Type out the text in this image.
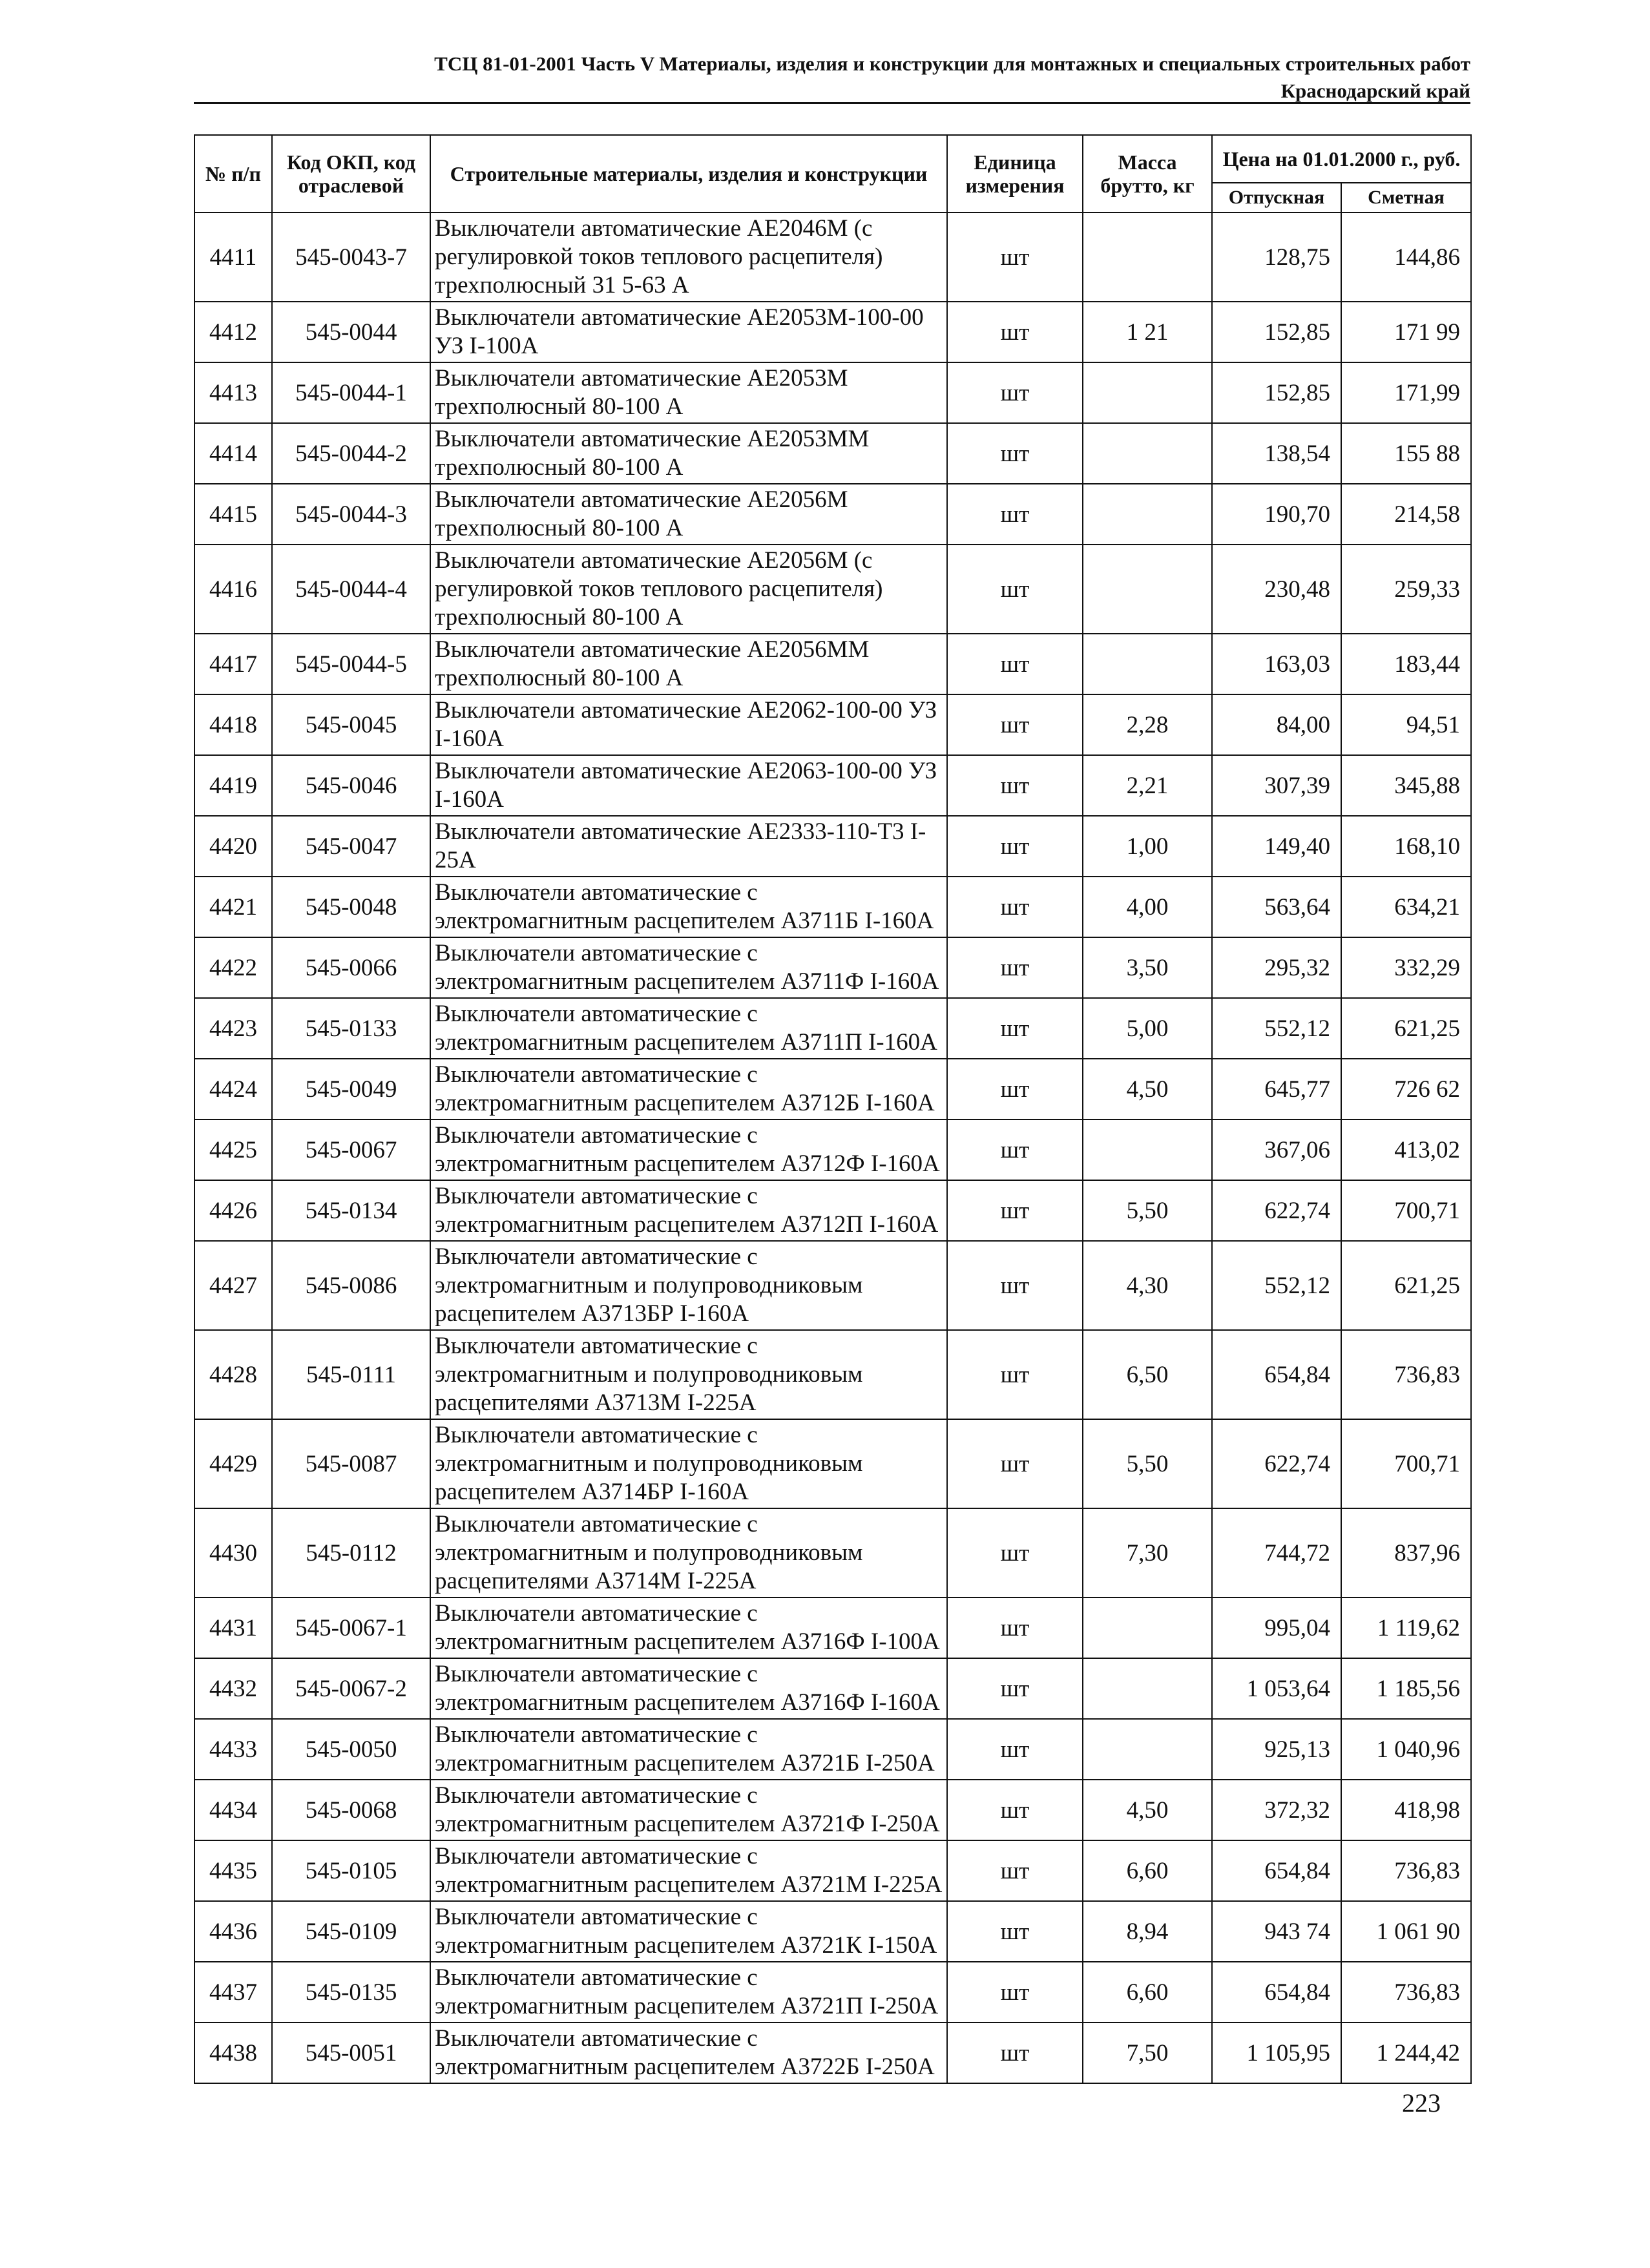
ТСЦ 81-01-2001 Часть V Материалы, изделия и конструкции для монтажных и специальных строительных работ
Краснодарский край
№ п/п	Код ОКП, код отраслевой	Строительные материалы, изделия и конструкции	Единица измерения	Масса брутто, кг	Цена на 01.01.2000 г., руб.	
					Отпускная	Сметная
4411	545-0043-7	Выключатели автоматические АЕ2046М (с регулировкой токов теплового расцепителя) трехполюсный 31 5-63 А	шт		128,75	144,86
4412	545-0044	Выключатели автоматические АЕ2053М-100-00 УЗ I-100А	шт	1 21	152,85	171 99
4413	545-0044-1	Выключатели автоматические АЕ2053М трехполюсный 80-100 А	шт		152,85	171,99
4414	545-0044-2	Выключатели автоматические АЕ2053ММ трехполюсный 80-100 А	шт		138,54	155 88
4415	545-0044-3	Выключатели автоматические АЕ2056М трехполюсный 80-100 А	шт		190,70	214,58
4416	545-0044-4	Выключатели автоматические АЕ2056М (с регулировкой токов теплового расцепителя) трехполюсный 80-100 А	шт		230,48	259,33
4417	545-0044-5	Выключатели автоматические АЕ2056ММ трехполюсный 80-100 А	шт		163,03	183,44
4418	545-0045	Выключатели автоматические АЕ2062-100-00 УЗ I-160А	шт	2,28	84,00	94,51
4419	545-0046	Выключатели автоматические АЕ2063-100-00 УЗ I-160А	шт	2,21	307,39	345,88
4420	545-0047	Выключатели автоматические АЕ2333-110-Т3 I-25А	шт	1,00	149,40	168,10
4421	545-0048	Выключатели автоматические с электромагнитным расцепителем А3711Б I-160А	шт	4,00	563,64	634,21
4422	545-0066	Выключатели автоматические с электромагнитным расцепителем А3711Ф I-160А	шт	3,50	295,32	332,29
4423	545-0133	Выключатели автоматические с электромагнитным расцепителем А3711П I-160А	шт	5,00	552,12	621,25
4424	545-0049	Выключатели автоматические с электромагнитным расцепителем А3712Б I-160А	шт	4,50	645,77	726 62
4425	545-0067	Выключатели автоматические с электромагнитным расцепителем А3712Ф I-160А	шт		367,06	413,02
4426	545-0134	Выключатели автоматические с электромагнитным расцепителем А3712П I-160А	шт	5,50	622,74	700,71
4427	545-0086	Выключатели автоматические с электромагнитным и полупроводниковым расцепителем А3713БР I-160А	шт	4,30	552,12	621,25
4428	545-0111	Выключатели автоматические с электромагнитным и полупроводниковым расцепителями А3713М I-225А	шт	6,50	654,84	736,83
4429	545-0087	Выключатели автоматические с электромагнитным и полупроводниковым расцепителем А3714БР I-160А	шт	5,50	622,74	700,71
4430	545-0112	Выключатели автоматические с электромагнитным и полупроводниковым расцепителями А3714М I-225А	шт	7,30	744,72	837,96
4431	545-0067-1	Выключатели автоматические с электромагнитным расцепителем А3716Ф I-100А	шт		995,04	1 119,62
4432	545-0067-2	Выключатели автоматические с электромагнитным расцепителем А3716Ф I-160А	шт		1 053,64	1 185,56
4433	545-0050	Выключатели автоматические с электромагнитным расцепителем А3721Б I-250А	шт		925,13	1 040,96
4434	545-0068	Выключатели автоматические с электромагнитным расцепителем А3721Ф I-250А	шт	4,50	372,32	418,98
4435	545-0105	Выключатели автоматические с электромагнитным расцепителем А3721М I-225А	шт	6,60	654,84	736,83
4436	545-0109	Выключатели автоматические с электромагнитным расцепителем А3721К I-150А	шт	8,94	943 74	1 061 90
4437	545-0135	Выключатели автоматические с электромагнитным расцепителем А3721П I-250А	шт	6,60	654,84	736,83
4438	545-0051	Выключатели автоматические с электромагнитным расцепителем А3722Б I-250А	шт	7,50	1 105,95	1 244,42
223
